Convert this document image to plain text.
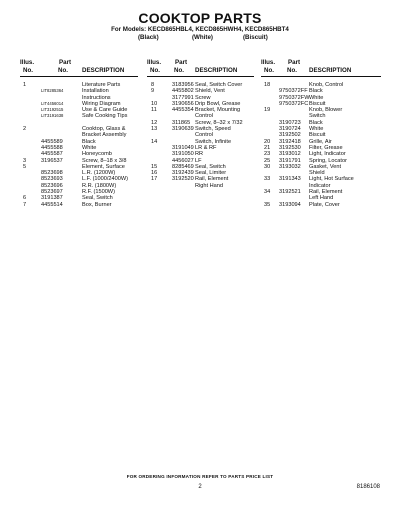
COOKTOP PARTS
For Models: KECD865HBL4, KECD865HWH4, KECD865HBT4
(Black)	(White)	(Biscuit)
Illus.
No.
Part
No. DESCRIPTION
1	Literature Parts
LIT8285364	Installation
Instructions
LIT4456014	Wiring Diagram
LIT3192515	Use & Care Guide
LIT3191638	Safe Cooking Tips
2	Cooktop, Glass &
Bracket Assembly
4455589	Black
4455588	White
4455587	Honeycomb
3	3196537	Screw, 8–18 x 3/8
5	Element, Surface
8523698	L.R. (1200W)
8523693	L.F. (1000/2400W)
8523696	R.R. (1800W)
8523697	R.F. (1500W)
6	3191387	Seal, Switch
7	4455514	Box, Burner
Illus.
No.
Part
No. DESCRIPTION
8	3183956 Seal, Switch Cover
9	4455802 Shield, Vent
3177991 Screw
10	3190656 Drip Bowl, Grease
11	4455354 Bracket, Mounting
Control
12	311865 Screw, 8–32 x 7/32
13	3190639 Switch, Speed
Control
14	Switch, Infinite
3191049 LR & RF
3191050 RR
4456027 LF
15	8285469 Seal, Switch
16	3192439 Seal, Limiter
17	3192520 Rail, Element
Right Hand
Illus.
No.
Part
No. DESCRIPTION
18	Knob, Control
9750372FF Black
9750372FW White
9750372FC Biscuit
19	Knob, Blower
Switch
3190723 Black
3190724 White
3192502 Biscuit
20 3192418 Grille, Air
21 3192530 Filter, Grease
23 3193012 Light, Indicator
25 3191791 Spring, Locator
30 3193032 Gasket, Vent
Shield
33 3191343 Light, Hot Surface
Indicator
34 3192521 Rail, Element
Left Hand
35 3193094 Plate, Cover
FOR ORDERING INFORMATION REFER TO PARTS PRICE LIST
2	8186108
